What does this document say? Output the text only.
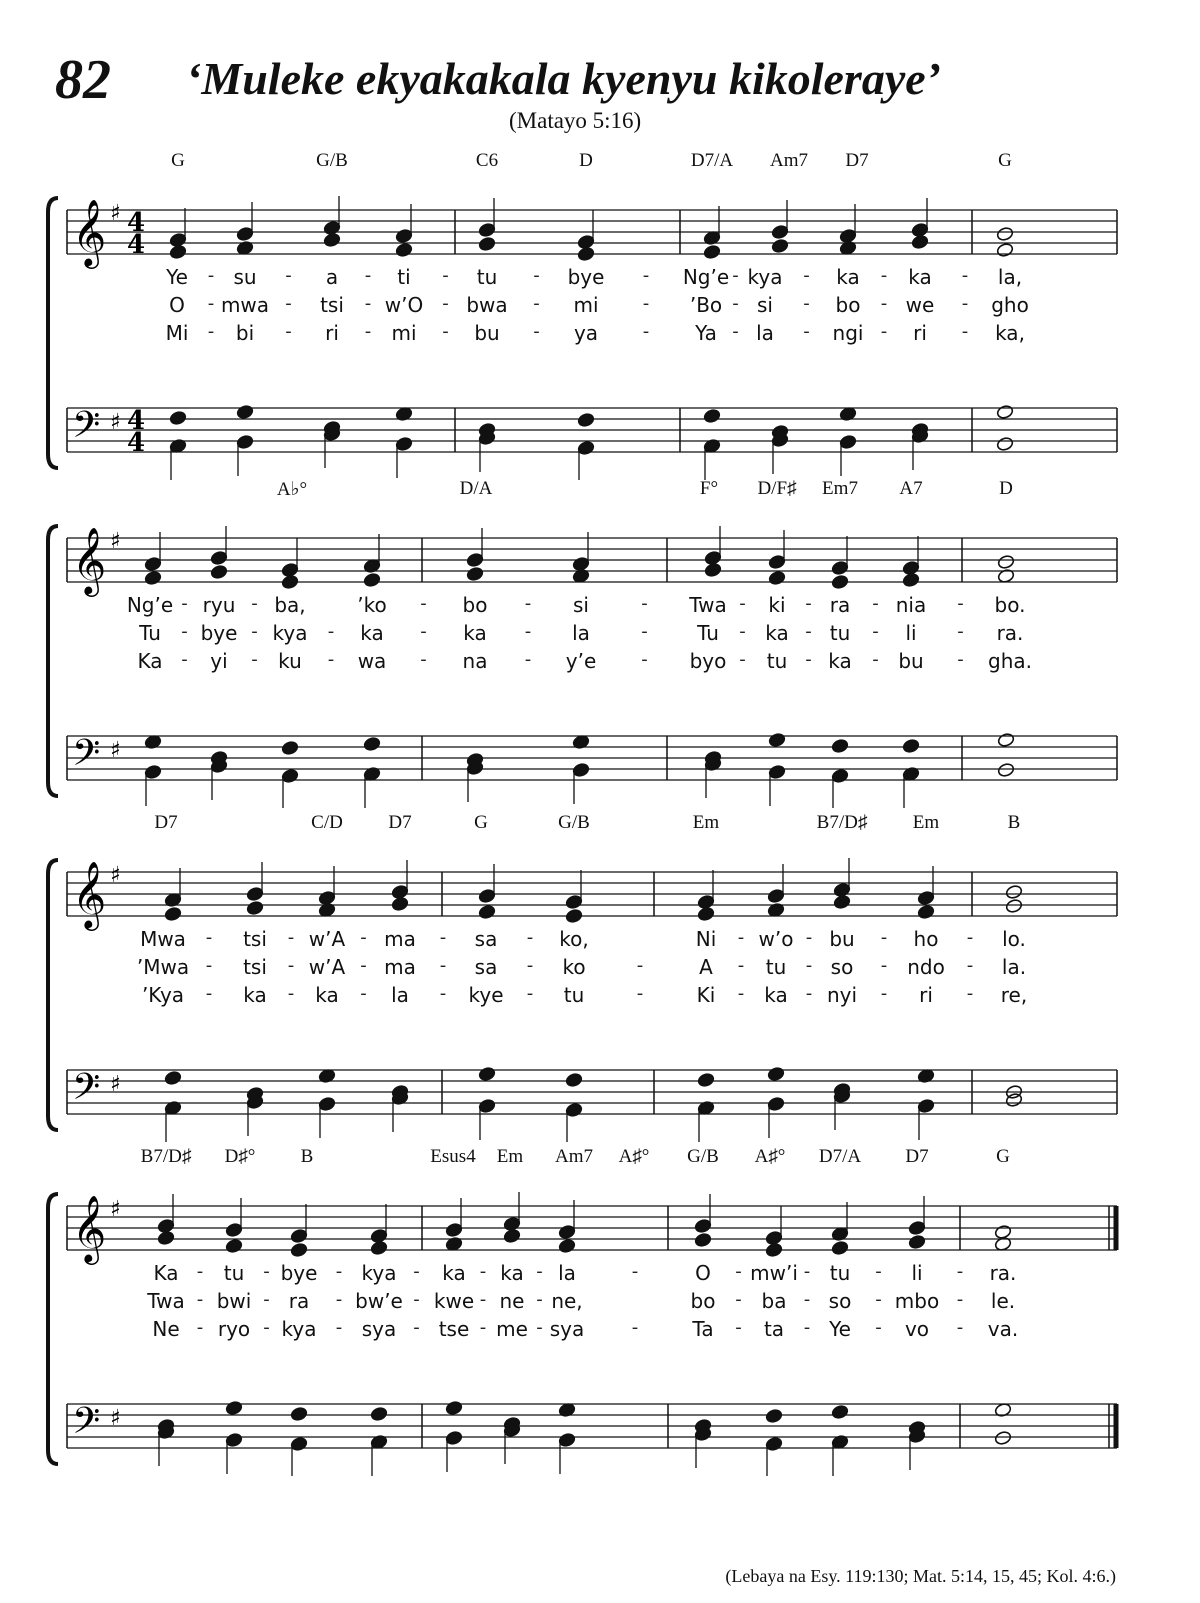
82 ‘Muleke ekyakakala kyenyu kikoleraye’
(Matayo 5:16)
𝄞
𝄢
♯
♯
4
4
4
4
G	G/B	C6	D	D7/A Am7 D7	G
Ye - su - a - ti - tu - bye - Ng’e - kya - ka - ka - la,
O - mwa - tsi - w’O - bwa - mi - ’Bo - si - bo - we - gho
Mi - bi - ri - mi - bu - ya - Ya - la - ngi - ri - ka,
𝄞
𝄢
♯
♯
A♭°	D/A	F° D/F♯ Em7 A7	D
Ng’e - ryu - ba,	’ko - bo - si	- Twa - ki - ra - nia - bo.
Tu - bye - kya - ka - ka - la	- Tu - ka - tu - li - ra.
Ka - yi - ku - wa - na - y’e	- byo - tu - ka - bu - gha.
𝄞
𝄢
♯
♯
D7	C/D D7	G	G/B	Em	B7/D♯ Em	B
Mwa - tsi - w’A - ma - sa - ko,	Ni - w’o - bu - ho - lo.
’Mwa - tsi - w’A - ma - sa - ko	-	A - tu - so - ndo - la.
’Kya - ka - ka - la - kye - tu	-	Ki - ka - nyi - ri - re,
𝄞
𝄢
♯
♯
B7/D♯ D♯° B	Esus4 Em Am7 A♯° G/B A♯° D7/A D7	G
Ka - tu - bye - kya - ka - ka - la	-	O - mw’i - tu - li - ra.
Twa - bwi - ra - bw’e - kwe - ne - ne,	bo - ba - so - mbo - le.
Ne - ryo - kya - sya - tse - me - sya	-	Ta - ta - Ye - vo - va.
(Lebaya na Esy. 119:130; Mat. 5:14, 15, 45; Kol. 4:6.)
